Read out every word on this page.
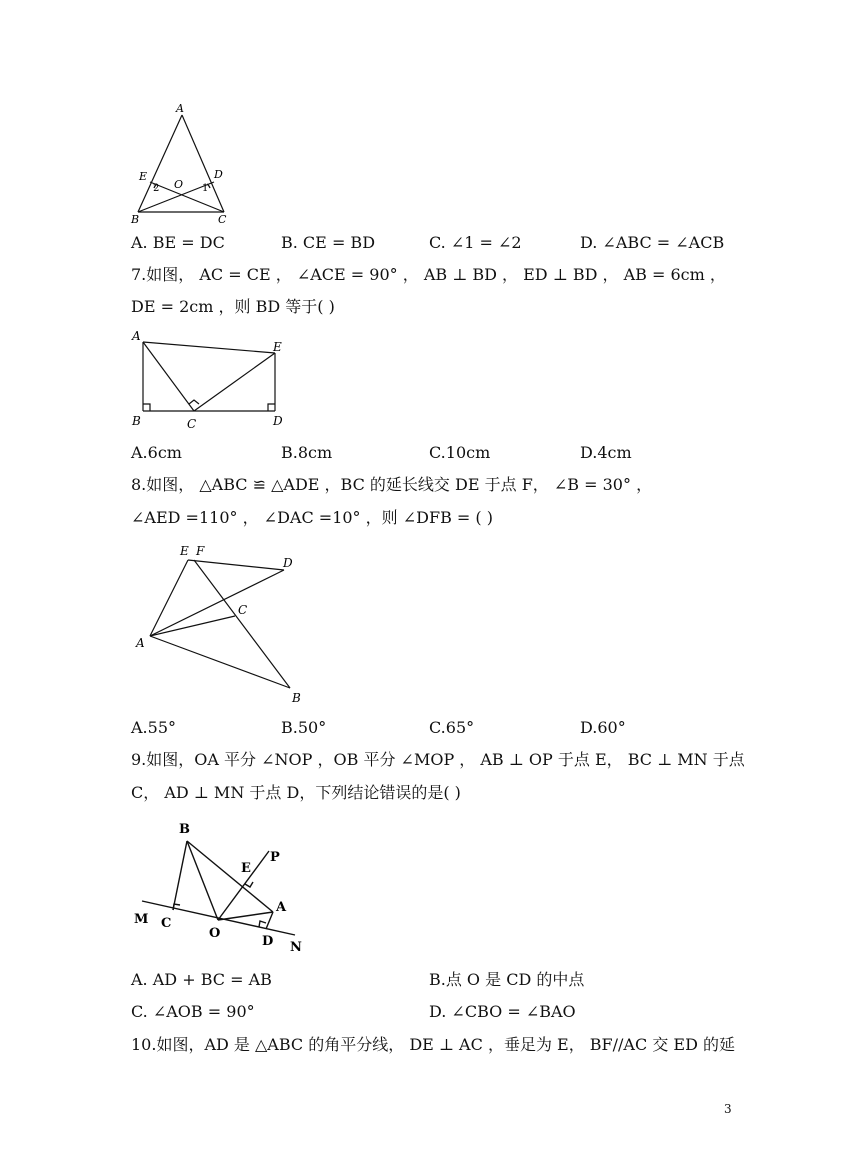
A
E	D
O
2	1
B	C
A. BE = DC	B. CE = BD	C. ∠1 = ∠2	D. ∠ABC = ∠ACB
7.如图， AC = CE ， ∠ACE = 90° ， AB ⊥ BD ， ED ⊥ BD ， AB = 6cm ，
DE = 2cm ，则 BD 等于( )
A
E
B	C	D
A.6cm	B.8cm	C.10cm	D.4cm
8.如图， △ABC ≌ △ADE ，BC 的延长线交 DE 于点 F， ∠B = 30° ，
∠AED =110° ， ∠DAC =10° ，则 ∠DFB = ( )
E F
D
C
A
B
A.55°	B.50°	C.65°	D.60°
9.如图，OA 平分 ∠NOP ，OB 平分 ∠MOP ， AB ⊥ OP 于点 E， BC ⊥ MN 于点
C， AD ⊥ MN 于点 D，下列结论错误的是( )
B
P
E
A
M C
O
D N
A. AD + BC = AB	B.点 O 是 CD 的中点
C. ∠AOB = 90°	D. ∠CBO = ∠BAO
10.如图，AD 是 △ABC 的角平分线， DE ⊥ AC ，垂足为 E， BF//AC 交 ED 的延
3
